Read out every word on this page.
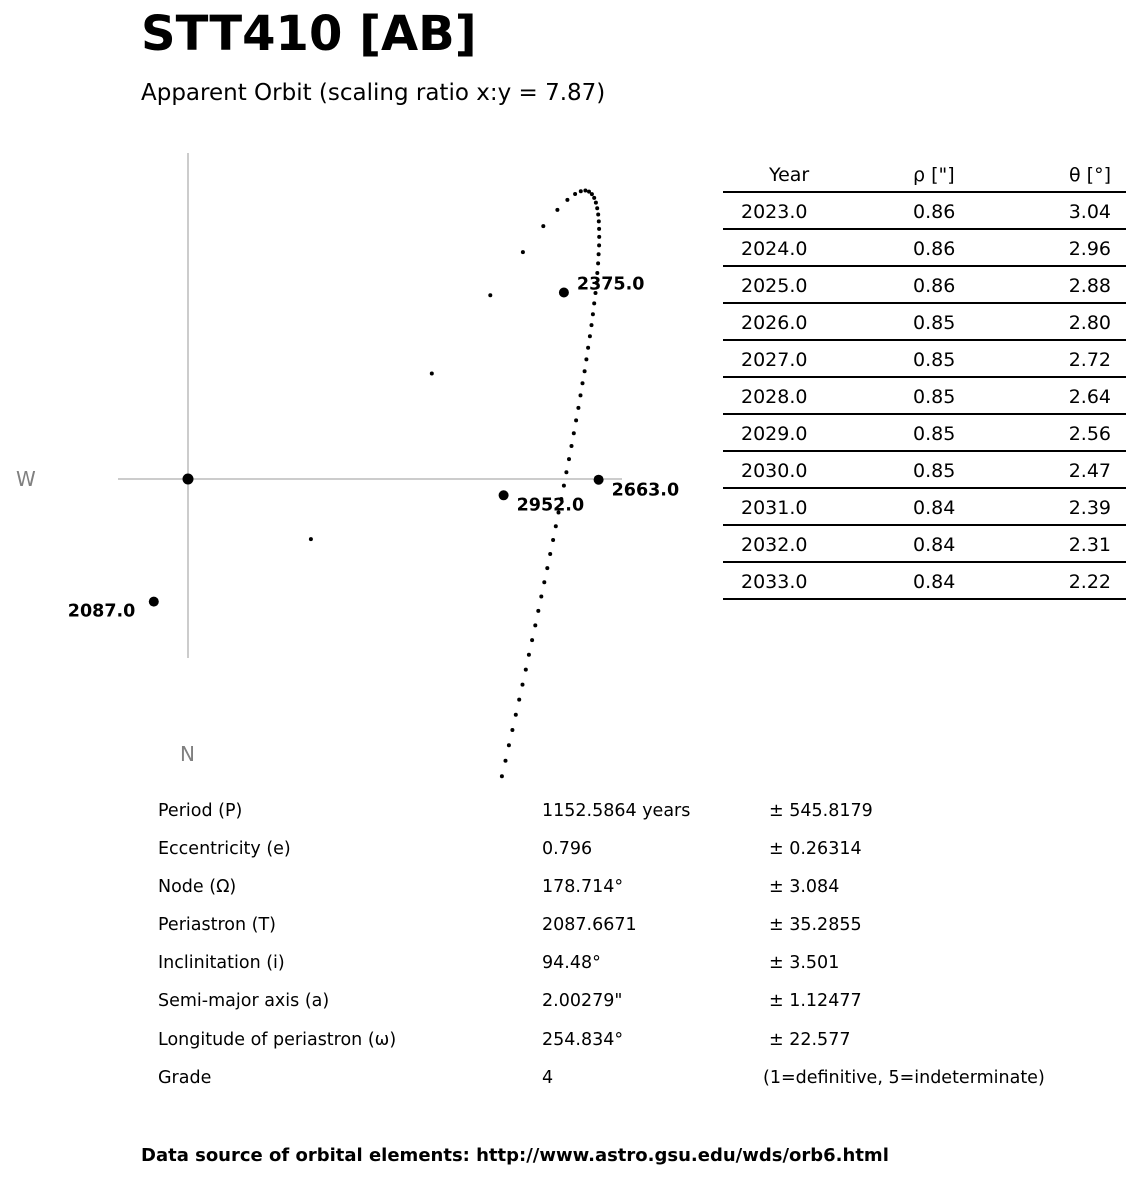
STT410 [AB]
Apparent Orbit (scaling ratio x:y = 7.87)
2087.0
2375.0
2663.0
2952.0
W
N
Year	ρ ["]	θ [°]
2023.0	0.86	3.04
2024.0	0.86	2.96
2025.0	0.86	2.88
2026.0	0.85	2.80
2027.0	0.85	2.72
2028.0	0.85	2.64
2029.0	0.85	2.56
2030.0	0.85	2.47
2031.0	0.84	2.39
2032.0	0.84	2.31
2033.0	0.84	2.22
Period (P)	1152.5864 years	± 545.8179
Eccentricity (e)	0.796	± 0.26314
Node (Ω)	178.714°	± 3.084
Periastron (T)	2087.6671	± 35.2855
Inclinitation (i)	94.48°	± 3.501
Semi-major axis (a)	2.00279"	± 1.12477
Longitude of periastron (ω)	254.834°	± 22.577
Grade	4	(1=definitive, 5=indeterminate)
Data source of orbital elements: http://www.astro.gsu.edu/wds/orb6.html
